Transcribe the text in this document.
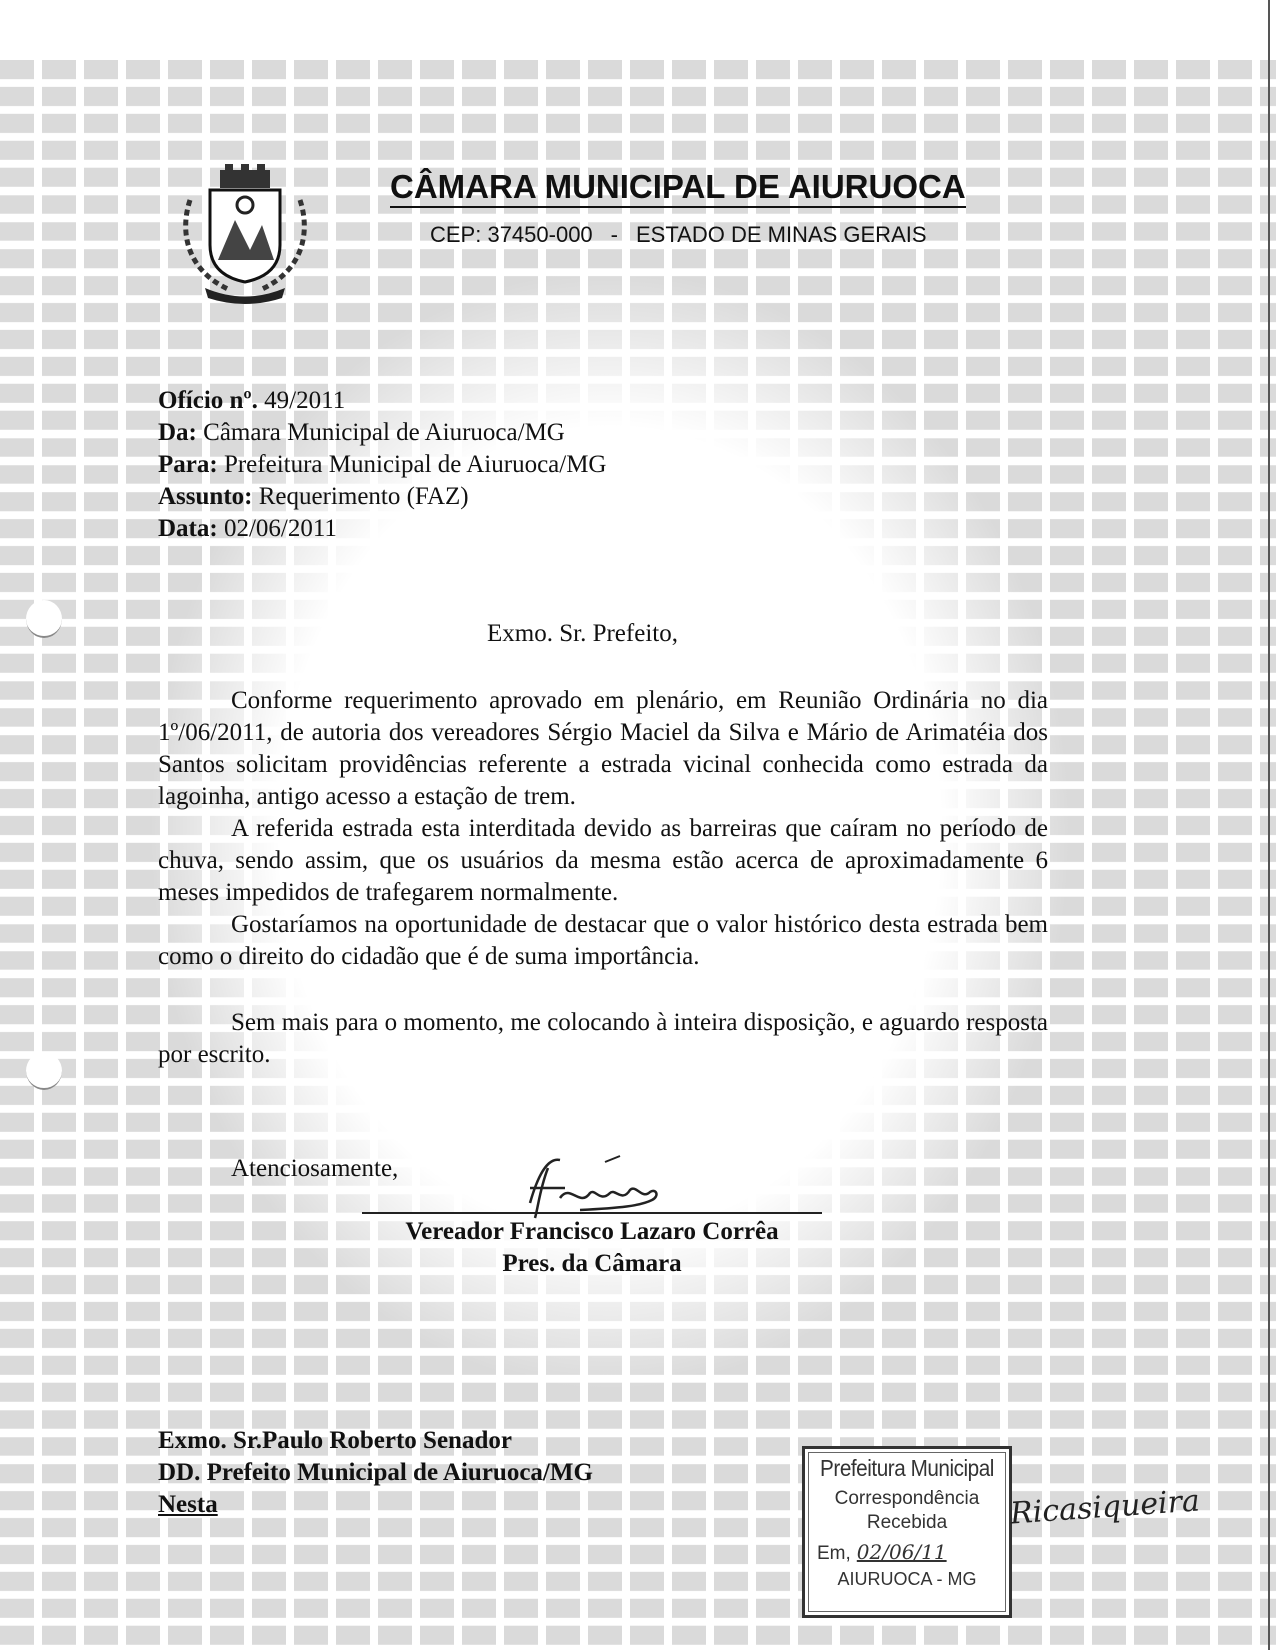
CÂMARA MUNICIPAL DE AIURUOCA
CEP: 37450-000 - ESTADO DE MINAS GERAIS
Ofício nº. 49/2011
Da: Câmara Municipal de Aiuruoca/MG
Para: Prefeitura Municipal de Aiuruoca/MG
Assunto: Requerimento (FAZ)
Data: 02/06/2011
Exmo. Sr. Prefeito,

Conforme requerimento aprovado em plenário, em Reunião Ordinária no dia 1º/06/2011, de autoria dos vereadores Sérgio Maciel da Silva e Mário de Arimatéia dos Santos solicitam providências referente a estrada vicinal conhecida como estrada da lagoinha, antigo acesso a estação de trem.

A referida estrada esta interditada devido as barreiras que caíram no período de chuva, sendo assim, que os usuários da mesma estão acerca de aproximadamente 6 meses impedidos de trafegarem normalmente.

Gostaríamos na oportunidade de destacar que o valor histórico desta estrada bem como o direito do cidadão que é de suma importância.

Sem mais para o momento, me colocando à inteira disposição, e aguardo resposta por escrito.

Atenciosamente,
Vereador Francisco Lazaro Corrêa
Pres. da Câmara
Exmo. Sr.Paulo Roberto Senador
DD. Prefeito Municipal de Aiuruoca/MG
Nesta
Prefeitura Municipal
Correspondência
Recebida
Em, 02/06/11
AIURUOCA - MG
Ricasiqueira
